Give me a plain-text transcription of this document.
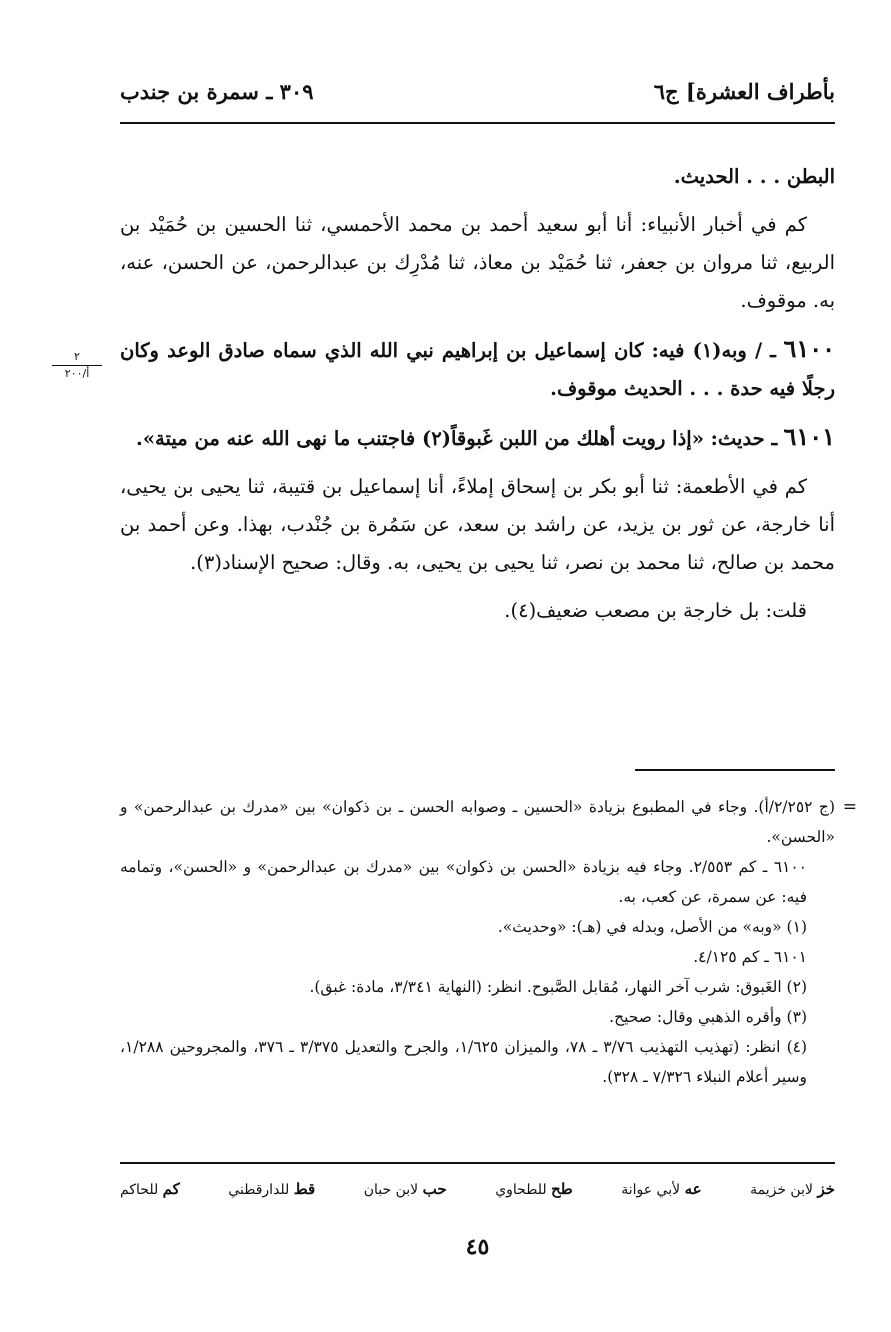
بأطراف العشرة] ج٦
٣٠٩ ـ سمرة بن جندب

البطن . . . الحديث.

كم في أخبار الأنبياء: أنا أبو سعيد أحمد بن محمد الأحمسي، ثنا الحسين بن حُمَيْد بن الربيع، ثنا مروان بن جعفر، ثنا حُمَيْد بن معاذ، ثنا مُدْرِك بن عبدالرحمن، عن الحسن، عنه، به. موقوف.

٦١٠٠ ـ / وبه(١) فيه: كان إسماعيل بن إبراهيم نبي الله الذي سماه صادق الوعد وكان رجلًا فيه حدة . . . الحديث موقوف.

٦١٠١ ـ حديث: «إذا رويت أهلك من اللبن غَبوقاً(٢) فاجتنب ما نهى الله عنه من ميتة».

كم في الأطعمة: ثنا أبو بكر بن إسحاق إملاءً، أنا إسماعيل بن قتيبة، ثنا يحيى بن يحيى، أنا خارجة، عن ثور بن يزيد، عن راشد بن سعد، عن سَمُرة بن جُنْدب، بهذا. وعن أحمد بن محمد بن صالح، ثنا محمد بن نصر، ثنا يحيى بن يحيى، به. وقال: صحيح الإسناد(٣).

قلت: بل خارجة بن مصعب ضعيف(٤).

=
(ج ٢/٢٥٢/أ). وجاء في المطبوع بزيادة «الحسين ـ وصوابه الحسن ـ بن ذكوان» بين «مدرك بن عبدالرحمن» و «الحسن».

٦١٠٠ ـ كم ٢/٥٥٣. وجاء فيه بزيادة «الحسن بن ذكوان» بين «مدرك بن عبدالرحمن» و «الحسن»، وتمامه فيه: عن سمرة، عن كعب، به.

(١) «وبه» من الأصل، وبدله في (هـ): «وحديث».

٦١٠١ ـ كم ٤/١٢٥.

(٢) الغَبوق: شرب آخر النهار، مُقابل الصَّبوح. انظر: (النهاية ٣/٣٤١، مادة: غبق).

(٣) وأقره الذهبي وقال: صحيح.

(٤) انظر: (تهذيب التهذيب ٣/٧٦ ـ ٧٨، والميزان ١/٦٢٥، والجرح والتعديل ٣/٣٧٥ ـ ٣٧٦، والمجروحين ١/٢٨٨، وسير أعلام النبلاء ٧/٣٢٦ ـ ٣٢٨).

خز لابن خزيمة
عه لأبي عوانة
طح للطحاوي
حب لابن حبان
قط للدارقطني
كم للحاكم
٤٥
٢
أ/٢٠٠
